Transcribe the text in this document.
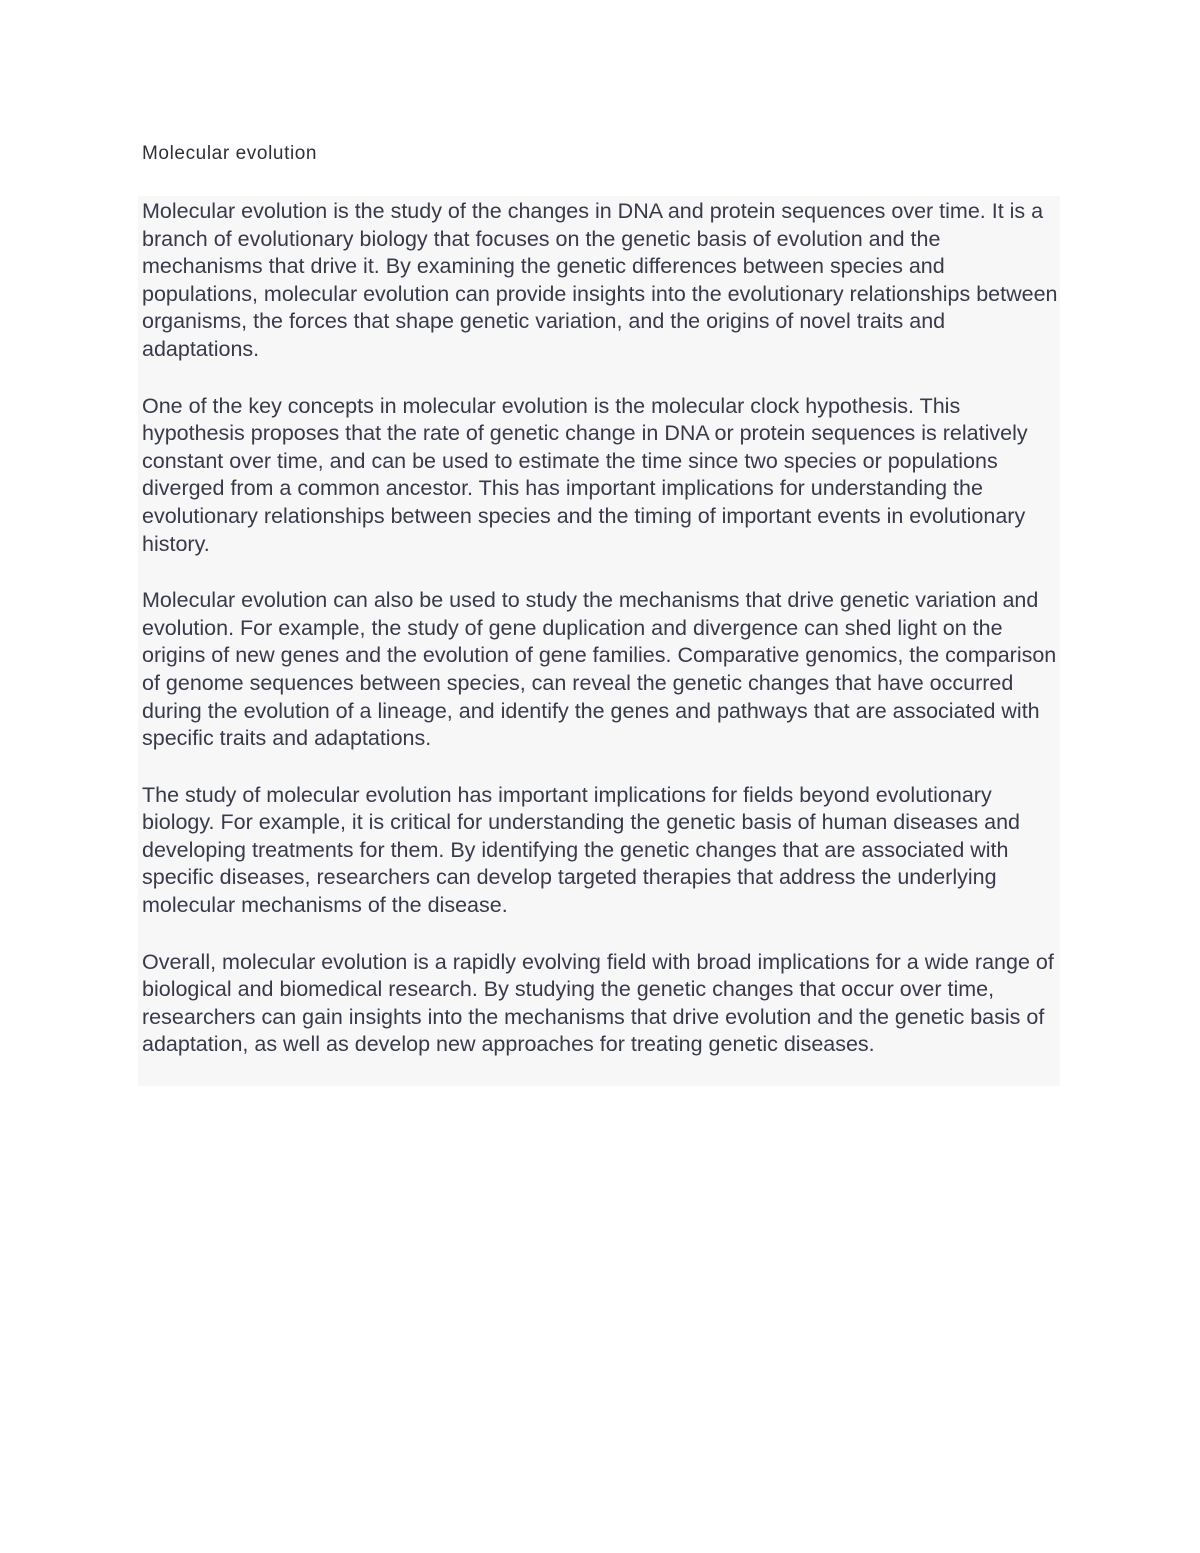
Molecular evolution

Molecular evolution is the study of the changes in DNA and protein sequences over time. It is a branch of evolutionary biology that focuses on the genetic basis of evolution and the mechanisms that drive it. By examining the genetic differences between species and populations, molecular evolution can provide insights into the evolutionary relationships between organisms, the forces that shape genetic variation, and the origins of novel traits and adaptations.

One of the key concepts in molecular evolution is the molecular clock hypothesis. This hypothesis proposes that the rate of genetic change in DNA or protein sequences is relatively constant over time, and can be used to estimate the time since two species or populations diverged from a common ancestor. This has important implications for understanding the evolutionary relationships between species and the timing of important events in evolutionary history.

Molecular evolution can also be used to study the mechanisms that drive genetic variation and evolution. For example, the study of gene duplication and divergence can shed light on the origins of new genes and the evolution of gene families. Comparative genomics, the comparison of genome sequences between species, can reveal the genetic changes that have occurred during the evolution of a lineage, and identify the genes and pathways that are associated with specific traits and adaptations.

The study of molecular evolution has important implications for fields beyond evolutionary biology. For example, it is critical for understanding the genetic basis of human diseases and developing treatments for them. By identifying the genetic changes that are associated with specific diseases, researchers can develop targeted therapies that address the underlying molecular mechanisms of the disease.

Overall, molecular evolution is a rapidly evolving field with broad implications for a wide range of biological and biomedical research. By studying the genetic changes that occur over time, researchers can gain insights into the mechanisms that drive evolution and the genetic basis of adaptation, as well as develop new approaches for treating genetic diseases.
